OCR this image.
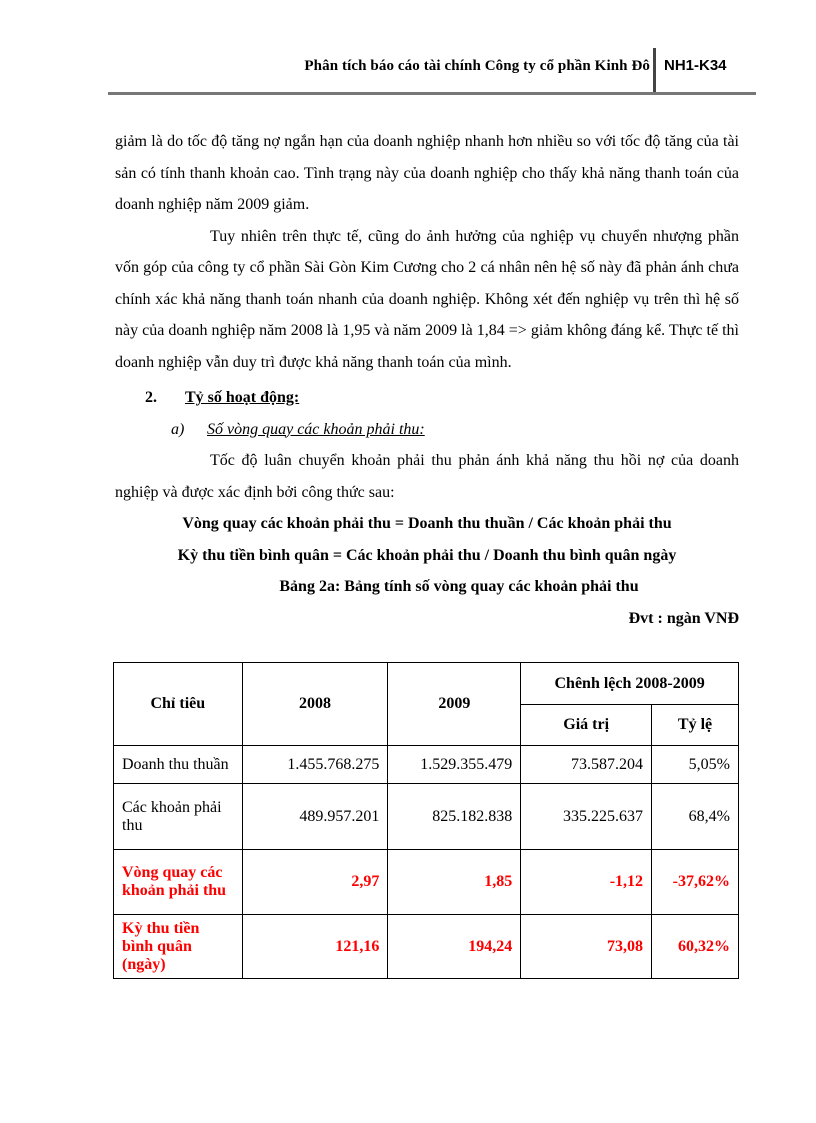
Phân tích báo cáo tài chính Công ty cổ phần Kinh Đô NH1-K34

giảm là do tốc độ tăng nợ ngắn hạn của doanh nghiệp nhanh hơn nhiều so với tốc độ tăng của tài sản có tính thanh khoản cao. Tình trạng này của doanh nghiệp cho thấy khả năng thanh toán của doanh nghiệp năm 2009 giảm.

Tuy nhiên trên thực tế, cũng do ảnh hưởng của nghiệp vụ chuyển nhượng phần vốn góp của công ty cổ phần Sài Gòn Kim Cương cho 2 cá nhân nên hệ số này đã phản ánh chưa chính xác khả năng thanh toán nhanh của doanh nghiệp. Không xét đến nghiệp vụ trên thì hệ số này của doanh nghiệp năm 2008 là 1,95 và năm 2009 là 1,84 => giảm không đáng kể. Thực tế thì doanh nghiệp vẫn duy trì được khả năng thanh toán của mình.

2.	Tỷ số hoạt động:
a)	Số vòng quay các khoản phải thu:

Tốc độ luân chuyển khoản phải thu phản ánh khả năng thu hồi nợ của doanh nghiệp và được xác định bởi công thức sau:

Vòng quay các khoản phải thu = Doanh thu thuần / Các khoản phải thu
Kỳ thu tiền bình quân = Các khoản phải thu / Doanh thu bình quân ngày
Bảng 2a: Bảng tính số vòng quay các khoản phải thu
Đvt : ngàn VNĐ
Chỉ tiêu	2008	2009	Chênh lệch 2008-2009	
			Giá trị	Tỷ lệ
Doanh thu thuần	1.455.768.275	1.529.355.479	73.587.204	5,05%
Các khoản phải thu	489.957.201	825.182.838	335.225.637	68,4%
Vòng quay các khoản phải thu	2,97	1,85	-1,12	-37,62%
Kỳ thu tiền bình quân (ngày)	121,16	194,24	73,08	60,32%
